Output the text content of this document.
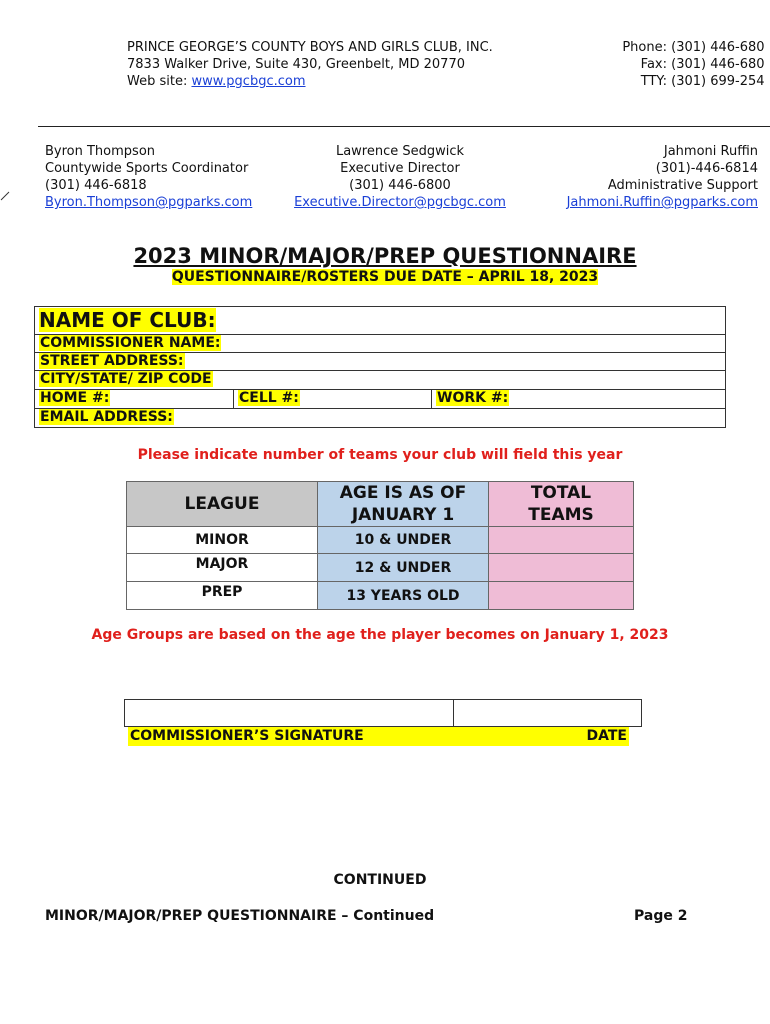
PRINCE GEORGE’S COUNTY BOYS AND GIRLS CLUB, INC.
7833 Walker Drive, Suite 430, Greenbelt, MD 20770
Web site: www.pgcbgc.com
Phone: (301) 446-680
Fax: (301) 446-680
TTY: (301) 699-254
Byron Thompson
Countywide Sports Coordinator
(301) 446-6818
Byron.Thompson@pgparks.com
Lawrence Sedgwick
Executive Director
(301) 446-6800
Executive.Director@pgcbgc.com
Jahmoni Ruffin
(301)-446-6814
Administrative Support
Jahmoni.Ruffin@pgparks.com
2023 MINOR/MAJOR/PREP QUESTIONNAIRE
QUESTIONNAIRE/ROSTERS DUE DATE – APRIL 18, 2023
NAME OF CLUB:
COMMISSIONER NAME:
STREET ADDRESS:
CITY/STATE/ ZIP CODE
HOME #:	CELL #:	WORK #:
EMAIL ADDRESS:
Please indicate number of teams your club will field this year
LEAGUE	AGE IS AS OF JANUARY 1	TOTAL TEAMS
MINOR	10 & UNDER	
MAJOR	12 & UNDER	
PREP	13 YEARS OLD	
Age Groups are based on the age the player becomes on January 1, 2023
COMMISSIONER’S SIGNATURE	DATE
CONTINUED
MINOR/MAJOR/PREP QUESTIONNAIRE – Continued	Page 2
